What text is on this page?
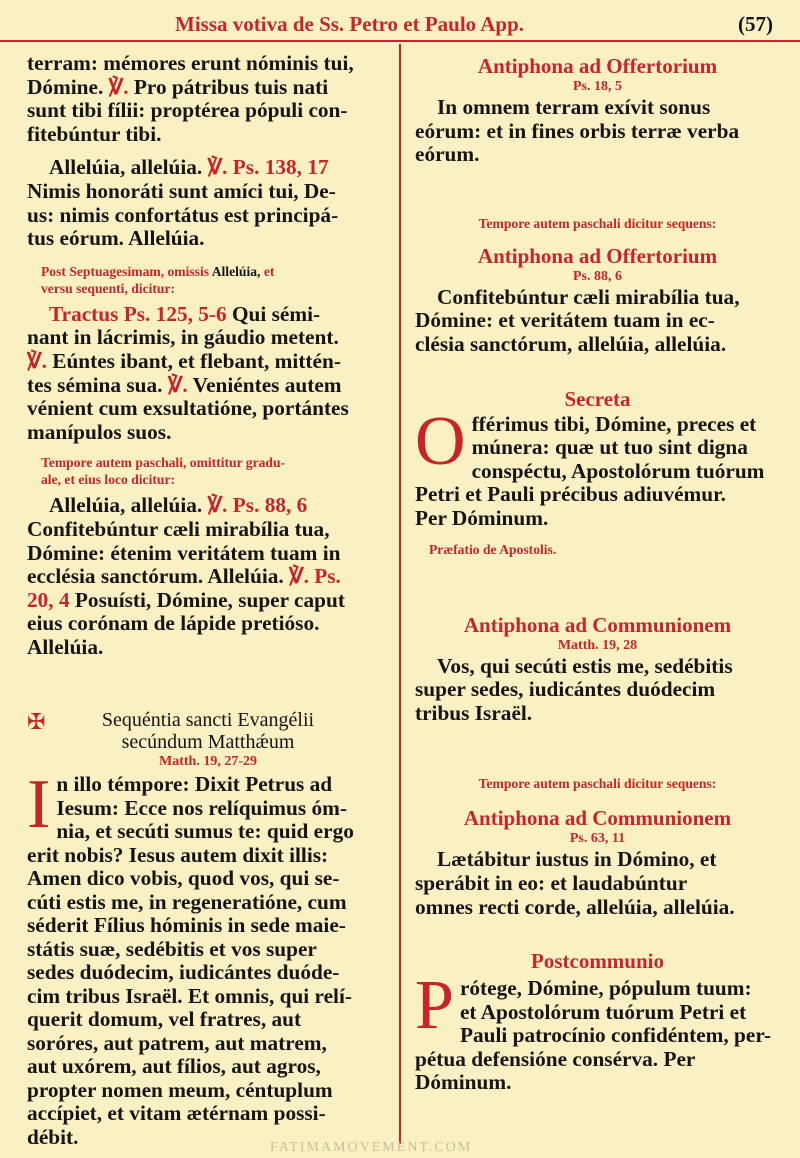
Missa votiva de Ss. Petro et Paulo App.	(57)

terram: mémores erunt nóminis tui,
Dómine. ℣. Pro pátribus tuis nati
sunt tibi fílii: proptérea pópuli con-
fitebúntur tibi.

Allelúia, allelúia. ℣. Ps. 138, 17
Nimis honoráti sunt amíci tui, De-
us: nimis confortátus est principá-
tus eórum. Allelúia.

Post Septuagesimam, omissis Allelúia, et
versu sequenti, dicitur:

Tractus Ps. 125, 5-6 Qui sémi-
nant in lácrimis, in gáudio metent.
℣. Eúntes ibant, et flebant, mittén-
tes sémina sua. ℣. Veniéntes autem
vénient cum exsultatióne, portántes
manípulos suos.

Tempore autem paschali, omittitur gradu-
ale, et eius loco dicitur:

Allelúia, allelúia. ℣. Ps. 88, 6
Confitebúntur cæli mirabília tua,
Dómine: étenim veritátem tuam in
ecclésia sanctórum. Allelúia. ℣. Ps.
20, 4 Posuísti, Dómine, super caput
eius corónam de lápide pretióso.
Allelúia.

✠	Sequéntia sancti Evangélii

secúndum Matthǽum

Matth. 19, 27-29

I n illo témpore: Dixit Petrus ad
Iesum: Ecce nos relíquimus óm-
nia, et secúti sumus te: quid ergo
erit nobis? Iesus autem dixit illis:
Amen dico vobis, quod vos, qui se-
cúti estis me, in regeneratióne, cum
séderit Fílius hóminis in sede maie-
státis suæ, sedébitis et vos super
sedes duódecim, iudicántes duóde-
cim tribus Israël. Et omnis, qui relí-
querit domum, vel fratres, aut
soróres, aut patrem, aut matrem,
aut uxórem, aut fílios, aut agros,
propter nomen meum, céntuplum
accípiet, et vitam ætérnam possi-
débit.

Antiphona ad Offertorium

Ps. 18, 5

In omnem terram exívit sonus
eórum: et in fines orbis terræ verba
eórum.

Tempore autem paschali dicitur sequens:

Antiphona ad Offertorium

Ps. 88, 6

Confitebúntur cæli mirabília tua,
Dómine: et veritátem tuam in ec-
clésia sanctórum, allelúia, allelúia.

Secreta

O fférimus tibi, Dómine, preces et
múnera: quæ ut tuo sint digna
conspéctu, Apostolórum tuórum
Petri et Pauli précibus adiuvémur.
Per Dóminum.

Præfatio de Apostolis.

Antiphona ad Communionem

Matth. 19, 28

Vos, qui secúti estis me, sedébitis
super sedes, iudicántes duódecim
tribus Israël.

Tempore autem paschali dicitur sequens:

Antiphona ad Communionem

Ps. 63, 11

Lætábitur iustus in Dómino, et
sperábit in eo: et laudabúntur
omnes recti corde, allelúia, allelúia.

Postcommunio

P rótege, Dómine, pópulum tuum:
et Apostolórum tuórum Petri et
Pauli patrocínio confidéntem, per-
pétua defensióne consérva. Per
Dóminum.

FATIMAMOVEMENT.COM
